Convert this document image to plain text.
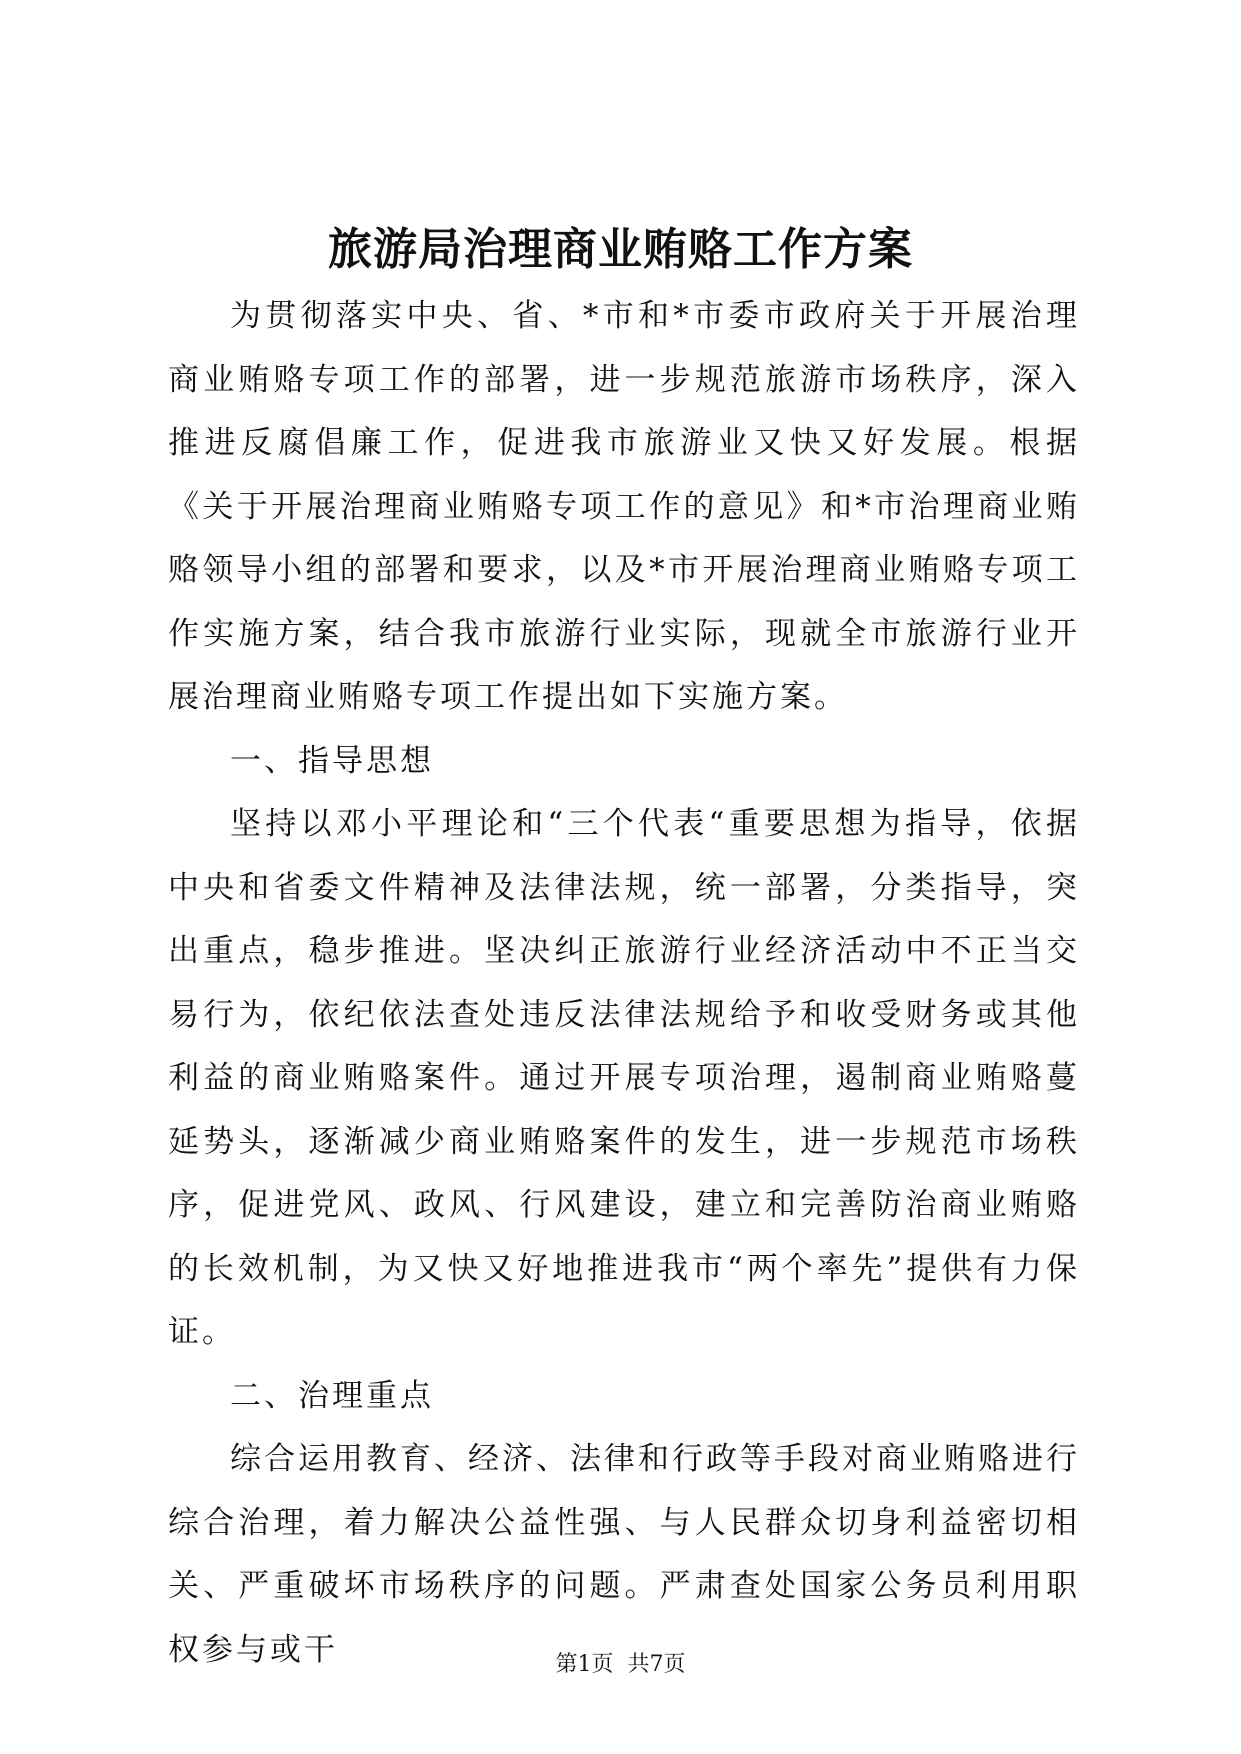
旅游局治理商业贿赂工作方案

为贯彻落实中央、省、*市和*市委市政府关于开展治理商业贿赂专项工作的部署，进一步规范旅游市场秩序，深入推进反腐倡廉工作，促进我市旅游业又快又好发展。根据《关于开展治理商业贿赂专项工作的意见》和*市治理商业贿赂领导小组的部署和要求，以及*市开展治理商业贿赂专项工作实施方案，结合我市旅游行业实际，现就全市旅游行业开展治理商业贿赂专项工作提出如下实施方案。

一、指导思想

坚持以邓小平理论和“三个代表“重要思想为指导，依据中央和省委文件精神及法律法规，统一部署，分类指导，突出重点，稳步推进。坚决纠正旅游行业经济活动中不正当交易行为，依纪依法查处违反法律法规给予和收受财务或其他利益的商业贿赂案件。通过开展专项治理，遏制商业贿赂蔓延势头，逐渐减少商业贿赂案件的发生，进一步规范市场秩序，促进党风、政风、行风建设，建立和完善防治商业贿赂的长效机制，为又快又好地推进我市“两个率先”提供有力保证。

二、治理重点

综合运用教育、经济、法律和行政等手段对商业贿赂进行综合治理，着力解决公益性强、与人民群众切身利益密切相关、严重破坏市场秩序的问题。严肃查处国家公务员利用职权参与或干	第1页 共7页
